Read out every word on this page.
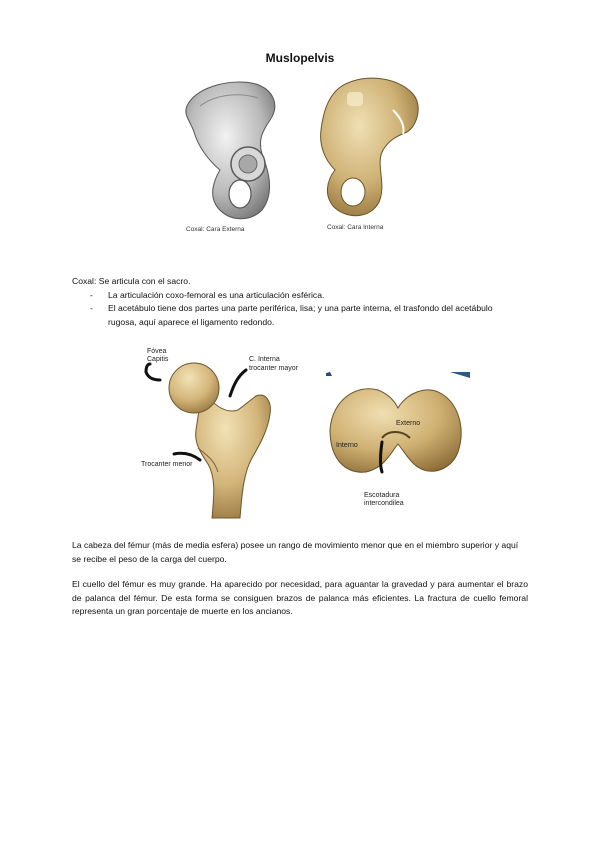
Muslopelvis
Coxal: Cara Externa	Coxal: Cara Interna
Coxal: Se articula con el sacro.
- La articulación coxo-femoral es una articulación esférica.
- El acetábulo tiene dos partes una parte periférica, lisa; y una parte interna, el trasfondo del acetábulo rugosa, aquí aparece el ligamento redondo.
Fóvea Capitis	C. Interna
trocanter mayor
Trocanter menor
Interno
Externo
Escotadura intercondilea
La cabeza del fémur (más de media esfera) posee un rango de movimiento menor que en el miembro superior y aquí se recibe el peso de la carga del cuerpo.
El cuello del fémur es muy grande. Ha aparecido por necesidad, para aguantar la gravedad y para aumentar el brazo de palanca del fémur. De esta forma se consiguen brazos de palanca más eficientes. La fractura de cuello femoral representa un gran porcentaje de muerte en los ancianos.
